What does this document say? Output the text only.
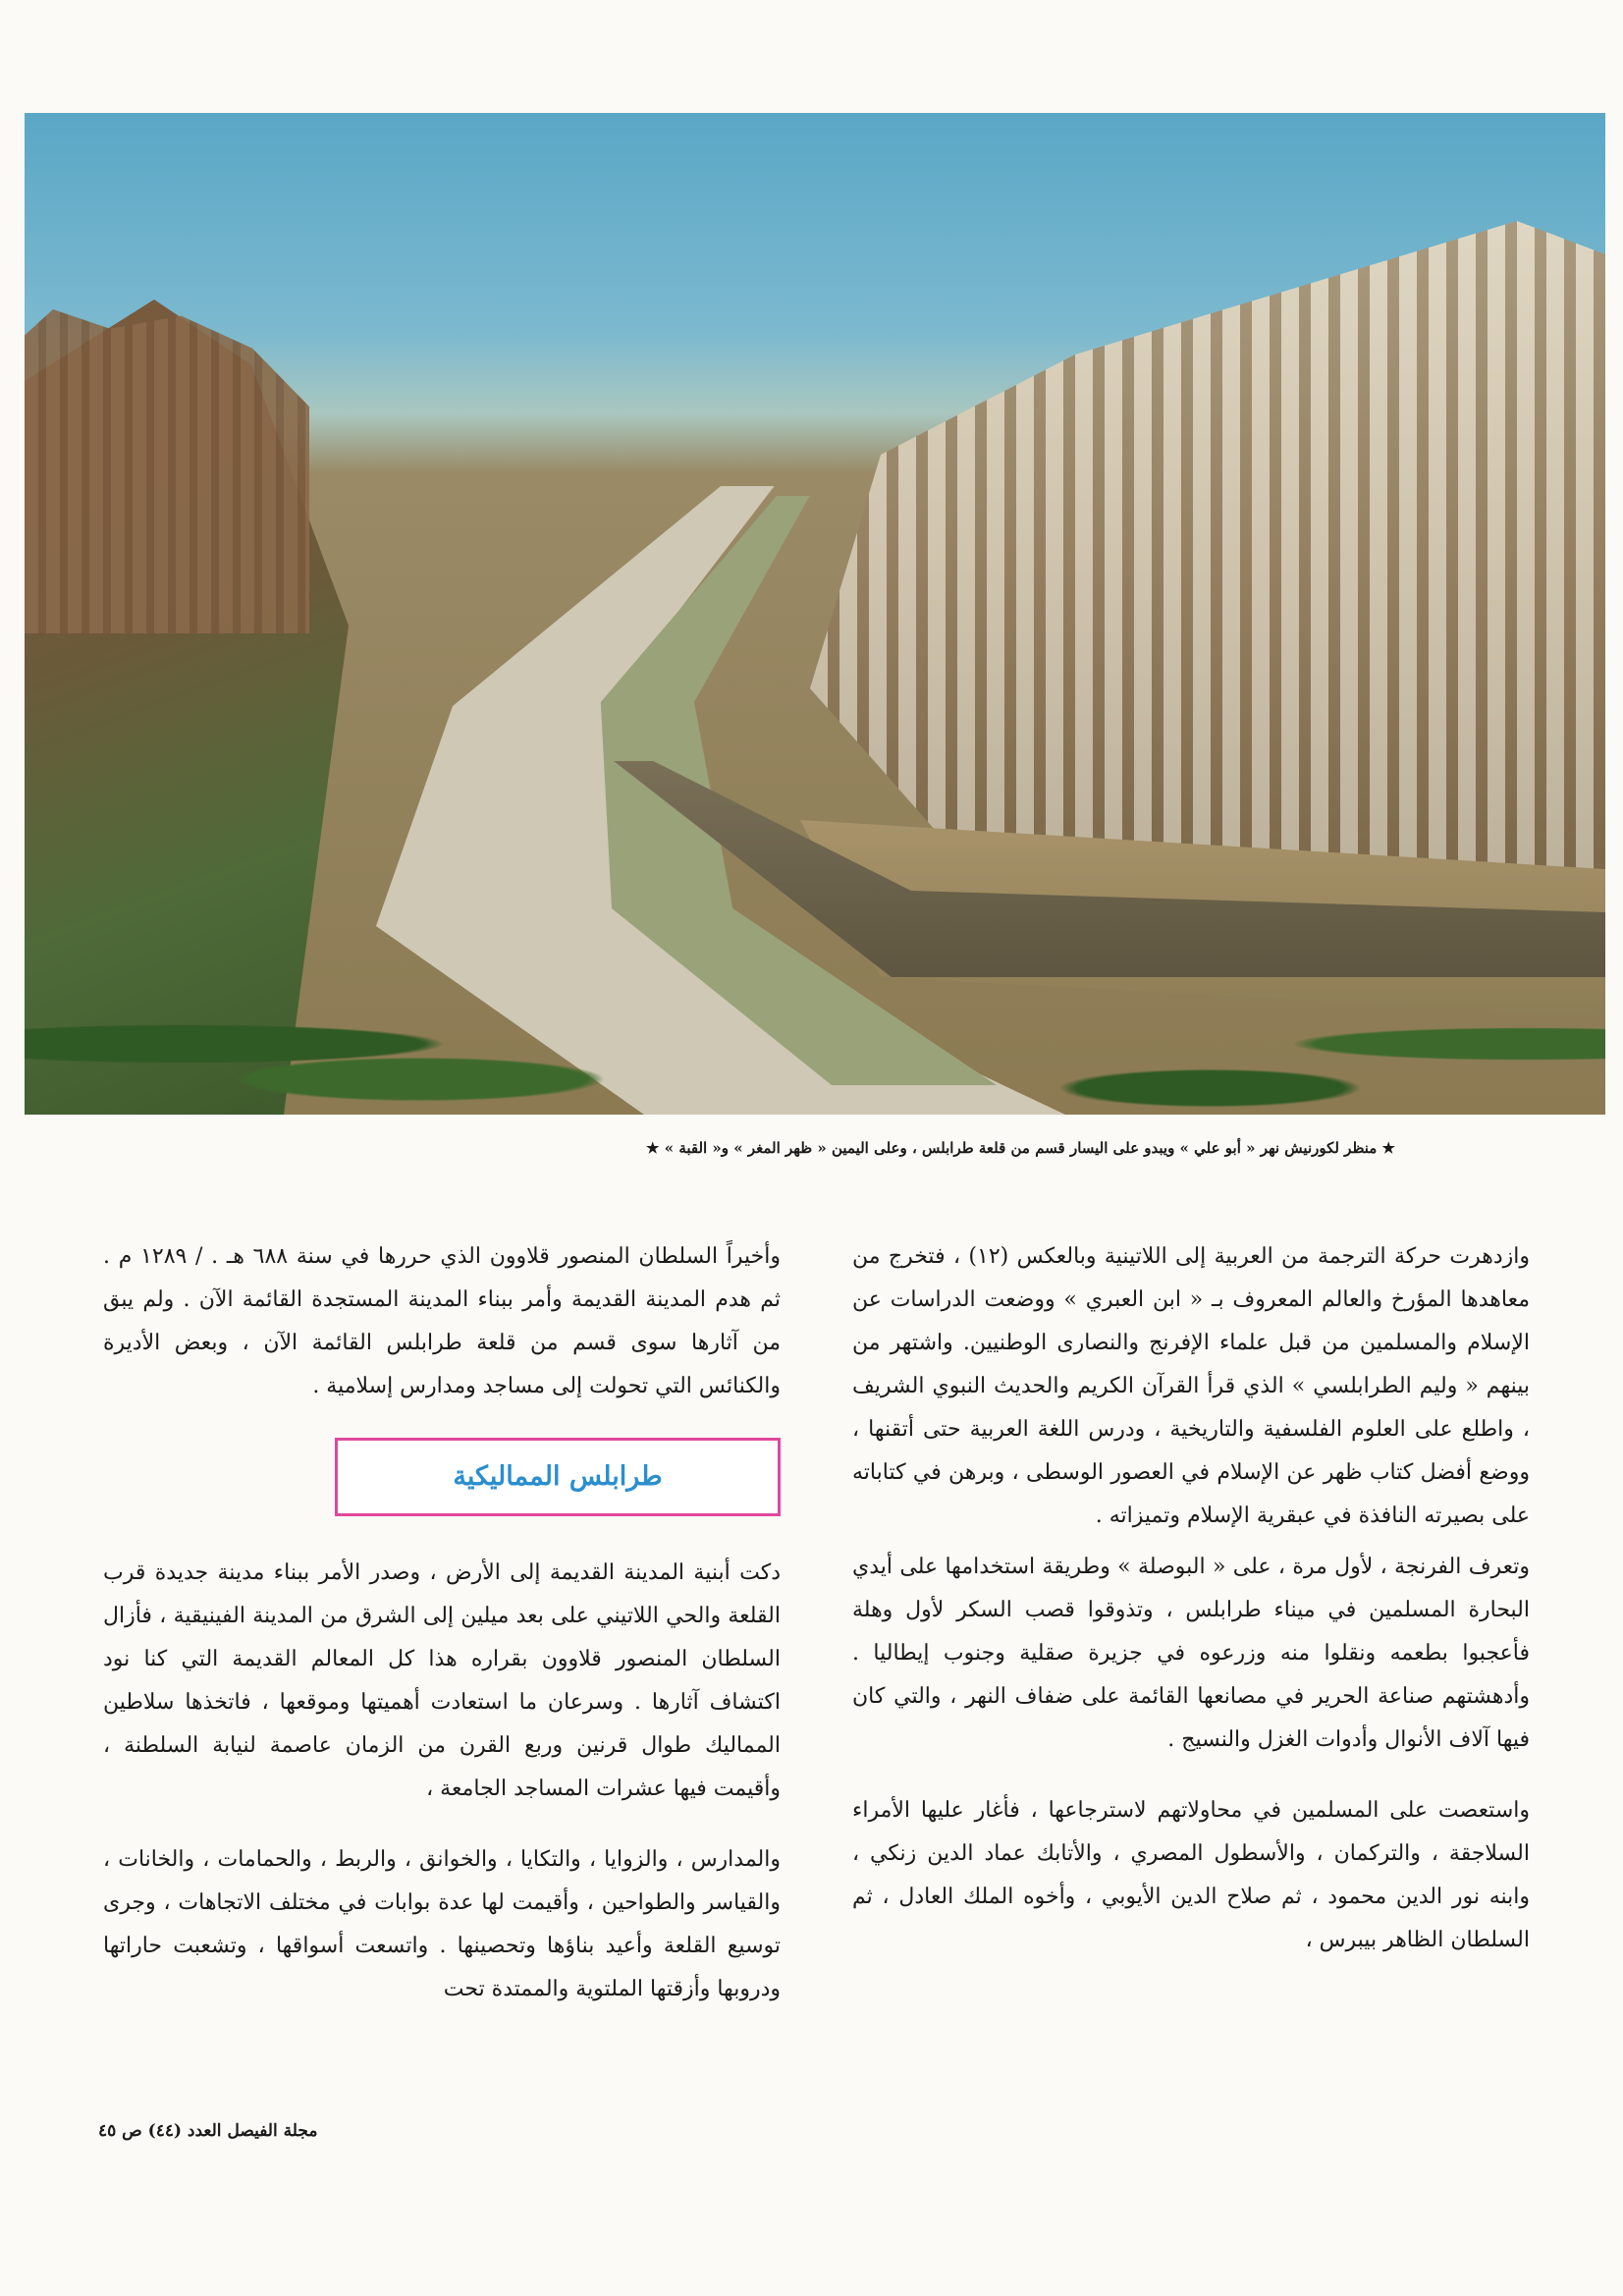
★ منظر لكورنيش نهر « أبو علي » ويبدو على اليسار قسم من قلعة طرابلس ، وعلى اليمين « ظهر المغر » و« القبة » ★

وازدهرت حركة الترجمة من العربية إلى اللاتينية وبالعكس (١٢) ، فتخرج من معاهدها المؤرخ والعالم المعروف بـ « ابن العبري » ووضعت الدراسات عن الإسلام والمسلمين من قبل علماء الإفرنج والنصارى الوطنيين. واشتهر من بينهم « وليم الطرابلسي » الذي قرأ القرآن الكريم والحديث النبوي الشريف ، واطلع على العلوم الفلسفية والتاريخية ، ودرس اللغة العربية حتى أتقنها ، ووضع أفضل كتاب ظهر عن الإسلام في العصور الوسطى ، وبرهن في كتاباته على بصيرته النافذة في عبقرية الإسلام وتميزاته .

وتعرف الفرنجة ، لأول مرة ، على « البوصلة » وطريقة استخدامها على أيدي البحارة المسلمين في ميناء طرابلس ، وتذوقوا قصب السكر لأول وهلة فأعجبوا بطعمه ونقلوا منه وزرعوه في جزيرة صقلية وجنوب إيطاليا . وأدهشتهم صناعة الحرير في مصانعها القائمة على ضفاف النهر ، والتي كان فيها آلاف الأنوال وأدوات الغزل والنسيج .

واستعصت على المسلمين في محاولاتهم لاسترجاعها ، فأغار عليها الأمراء السلاجقة ، والتركمان ، والأسطول المصري ، والأتابك عماد الدين زنكي ، وابنه نور الدين محمود ، ثم صلاح الدين الأيوبي ، وأخوه الملك العادل ، ثم السلطان الظاهر بيبرس ،

وأخيراً السلطان المنصور قلاوون الذي حررها في سنة ٦٨٨ هـ . / ١٢٨٩ م . ثم هدم المدينة القديمة وأمر ببناء المدينة المستجدة القائمة الآن . ولم يبق من آثارها سوى قسم من قلعة طرابلس القائمة الآن ، وبعض الأديرة والكنائس التي تحولت إلى مساجد ومدارس إسلامية .

طرابلس المماليكية

دكت أبنية المدينة القديمة إلى الأرض ، وصدر الأمر ببناء مدينة جديدة قرب القلعة والحي اللاتيني على بعد ميلين إلى الشرق من المدينة الفينيقية ، فأزال السلطان المنصور قلاوون بقراره هذا كل المعالم القديمة التي كنا نود اكتشاف آثارها . وسرعان ما استعادت أهميتها وموقعها ، فاتخذها سلاطين المماليك طوال قرنين وربع القرن من الزمان عاصمة لنيابة السلطنة ، وأقيمت فيها عشرات المساجد الجامعة ،

والمدارس ، والزوايا ، والتكايا ، والخوانق ، والربط ، والحمامات ، والخانات ، والقياسر والطواحين ، وأقيمت لها عدة بوابات في مختلف الاتجاهات ، وجرى توسيع القلعة وأعيد بناؤها وتحصينها . واتسعت أسواقها ، وتشعبت حاراتها ودروبها وأزقتها الملتوية والممتدة تحت

مجلة الفيصل العدد (٤٤) ص ٤٥
